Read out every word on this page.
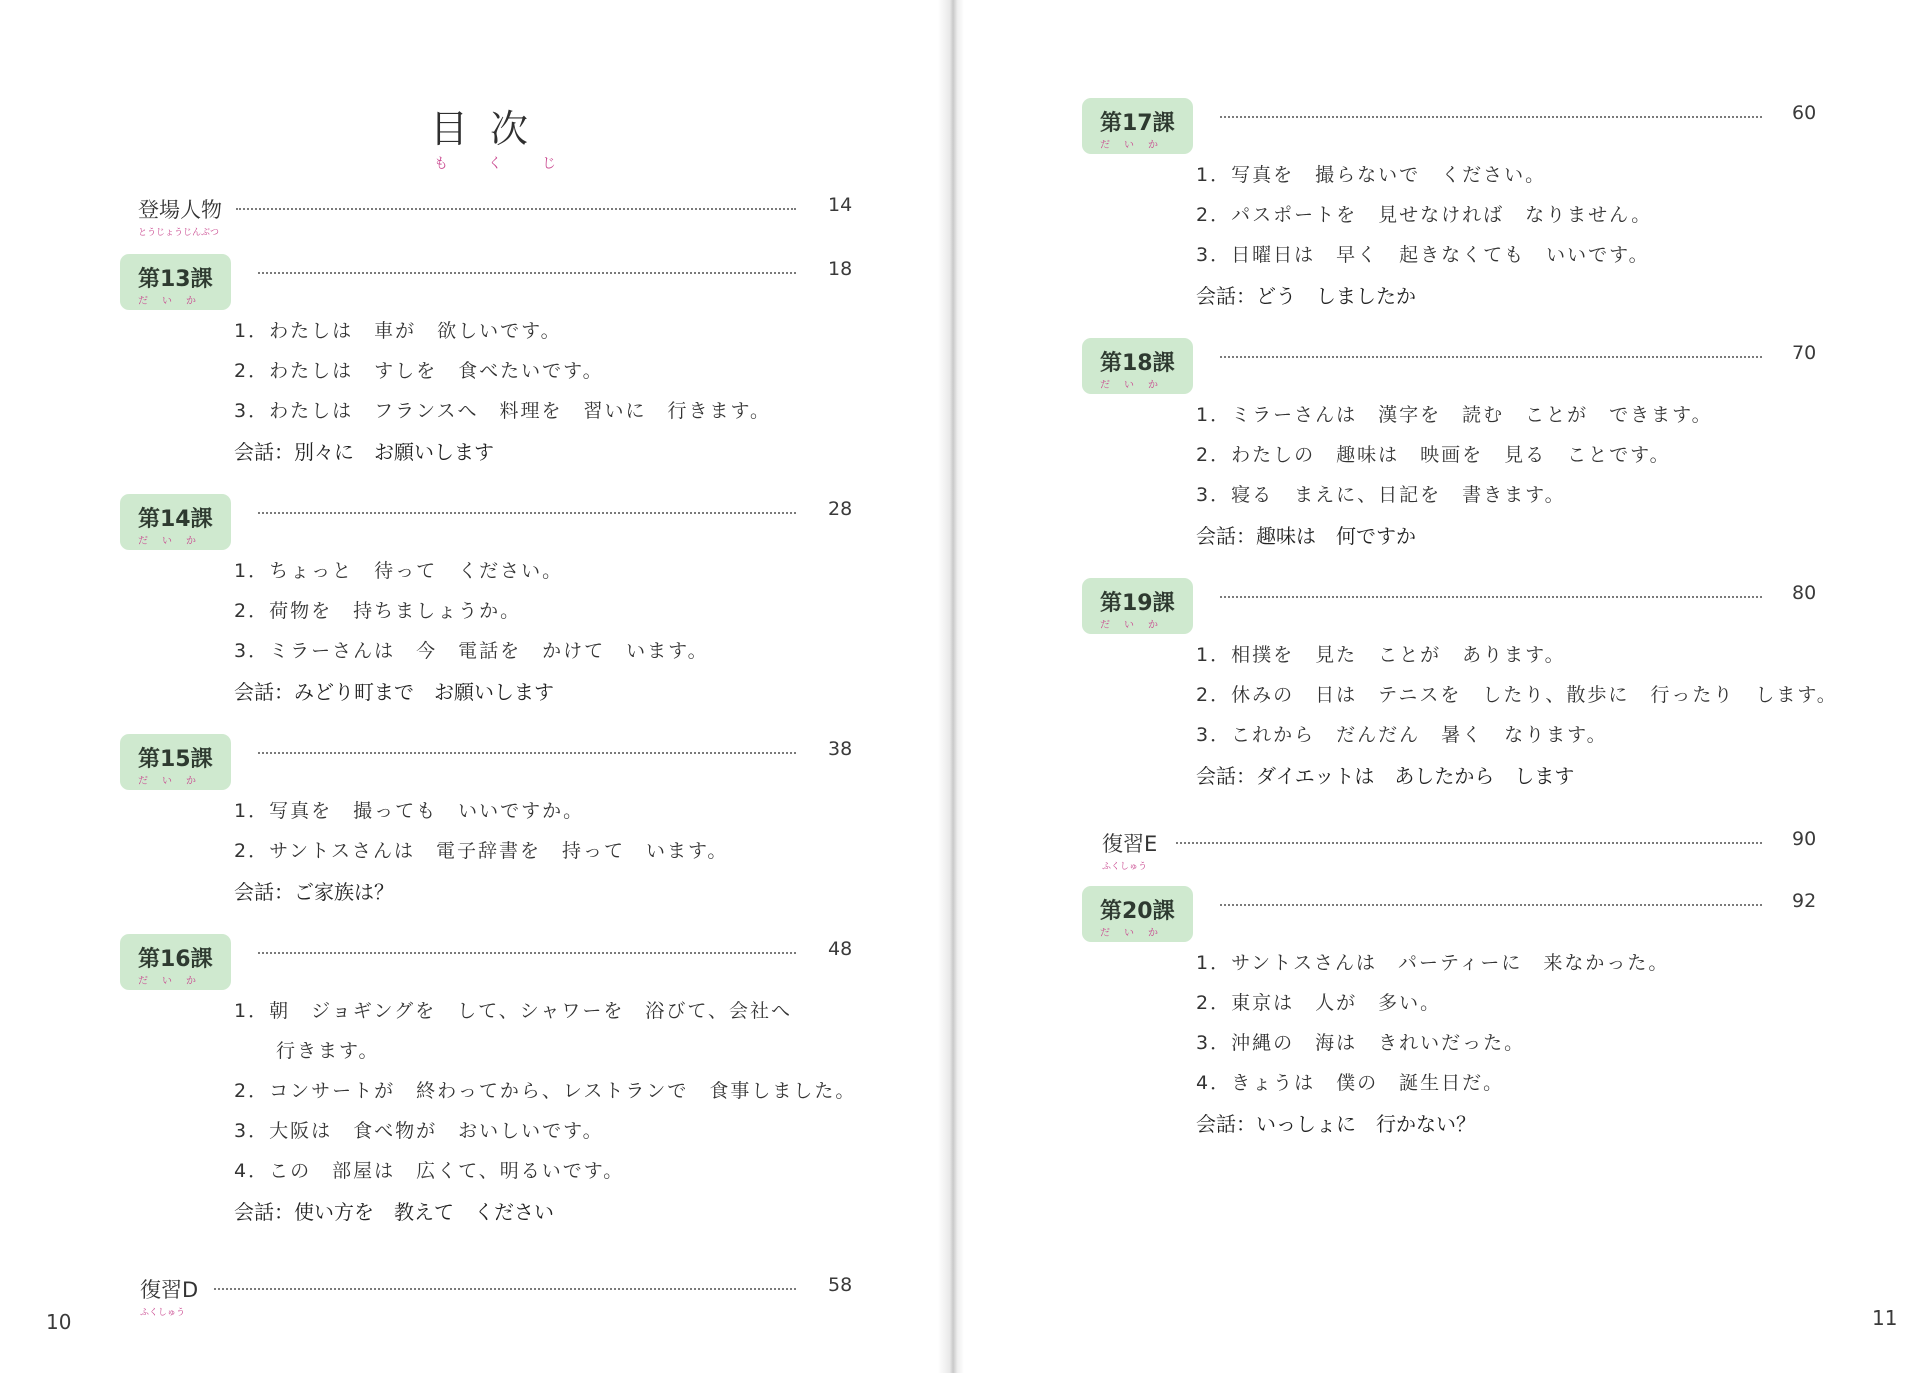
目次
もくじ
登場人物
とうじょうじんぶつ
14
第13課
だいか
18
1．わたしは　車が　欲しいです。
2．わたしは　すしを　食べたいです。
3．わたしは　フランスへ　料理を　習いに　行きます。
会話：別々に　お願いします
第14課
だいか
28
1．ちょっと　待って　ください。
2．荷物を　持ちましょうか。
3．ミラーさんは　今　電話を　かけて　います。
会話：みどり町まで　お願いします
第15課
だいか
38
1．写真を　撮っても　いいですか。
2．サントスさんは　電子辞書を　持って　います。
会話：ご家族は？
第16課
だいか
48
1．朝　ジョギングを　して、シャワーを　浴びて、会社へ
　　行きます。
2．コンサートが　終わってから、レストランで　食事しました。
3．大阪は　食べ物が　おいしいです。
4．この　部屋は　広くて、明るいです。
会話：使い方を　教えて　ください
復習D
ふくしゅう
58
10
第17課
だいか
60
1．写真を　撮らないで　ください。
2．パスポートを　見せなければ　なりません。
3．日曜日は　早く　起きなくても　いいです。
会話：どう　しましたか
第18課
だいか
70
1．ミラーさんは　漢字を　読む　ことが　できます。
2．わたしの　趣味は　映画を　見る　ことです。
3．寝る　まえに、日記を　書きます。
会話：趣味は　何ですか
第19課
だいか
80
1．相撲を　見た　ことが　あります。
2．休みの　日は　テニスを　したり、散歩に　行ったり　します。
3．これから　だんだん　暑く　なります。
会話：ダイエットは　あしたから　します
復習E
ふくしゅう
90
第20課
だいか
92
1．サントスさんは　パーティーに　来なかった。
2．東京は　人が　多い。
3．沖縄の　海は　きれいだった。
4．きょうは　僕の　誕生日だ。
会話：いっしょに　行かない？
11
